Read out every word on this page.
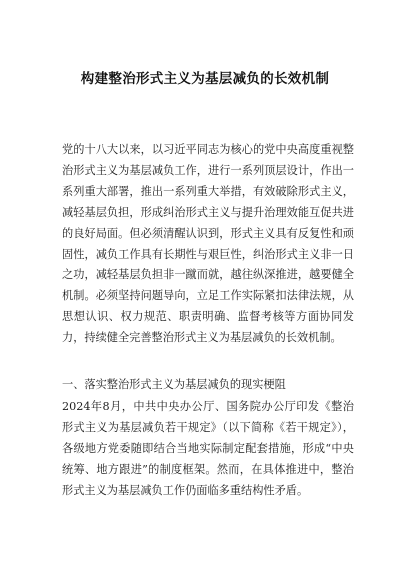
构建整治形式主义为基层减负的长效机制
党的十八大以来，以习近平同志为核心的党中央高度重视整治形式主义为基层减负工作，进行一系列顶层设计，作出一系列重大部署，推出一系列重大举措，有效破除形式主义，减轻基层负担，形成纠治形式主义与提升治理效能互促共进的良好局面。但必须清醒认识到，形式主义具有反复性和顽固性，减负工作具有长期性与艰巨性，纠治形式主义非一日之功，减轻基层负担非一蹴而就，越往纵深推进，越要健全机制。必须坚持问题导向，立足工作实际紧扣法律法规，从思想认识、权力规范、职责明确、监督考核等方面协同发力，持续健全完善整治形式主义为基层减负的长效机制。
一、落实整治形式主义为基层减负的现实梗阻
2024年8月，中共中央办公厅、国务院办公厅印发《整治形式主义为基层减负若干规定》（以下简称《若干规定》），各级地方党委随即结合当地实际制定配套措施，形成“中央统筹、地方跟进”的制度框架。然而，在具体推进中，整治形式主义为基层减负工作仍面临多重结构性矛盾。
